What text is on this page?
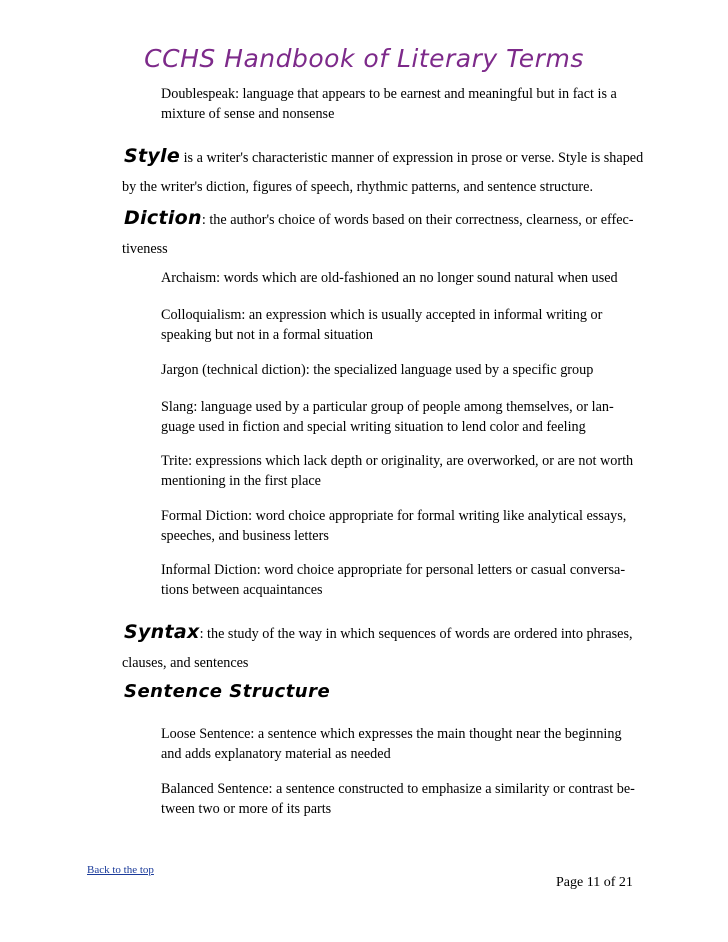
CCHS Handbook of Literary Terms
Doublespeak: language that appears to be earnest and meaningful but in fact is a
mixture of sense and nonsense
Style is a writer's characteristic manner of expression in prose or verse. Style is shaped
by the writer's diction, figures of speech, rhythmic patterns, and sentence structure.
Diction: the author's choice of words based on their correctness, clearness, or effec-
tiveness
Archaism: words which are old-fashioned an no longer sound natural when used
Colloquialism: an expression which is usually accepted in informal writing or
speaking but not in a formal situation
Jargon (technical diction): the specialized language used by a specific group
Slang: language used by a particular group of people among themselves, or lan-
guage used in fiction and special writing situation to lend color and feeling
Trite: expressions which lack depth or originality, are overworked, or are not worth
mentioning in the first place
Formal Diction: word choice appropriate for formal writing like analytical essays,
speeches, and business letters
Informal Diction: word choice appropriate for personal letters or casual conversa-
tions between acquaintances
Syntax: the study of the way in which sequences of words are ordered into phrases,
clauses, and sentences
Sentence Structure
Loose Sentence: a sentence which expresses the main thought near the beginning
and adds explanatory material as needed
Balanced Sentence: a sentence constructed to emphasize a similarity or contrast be-
tween two or more of its parts
Back to the top
Page 11 of 21
